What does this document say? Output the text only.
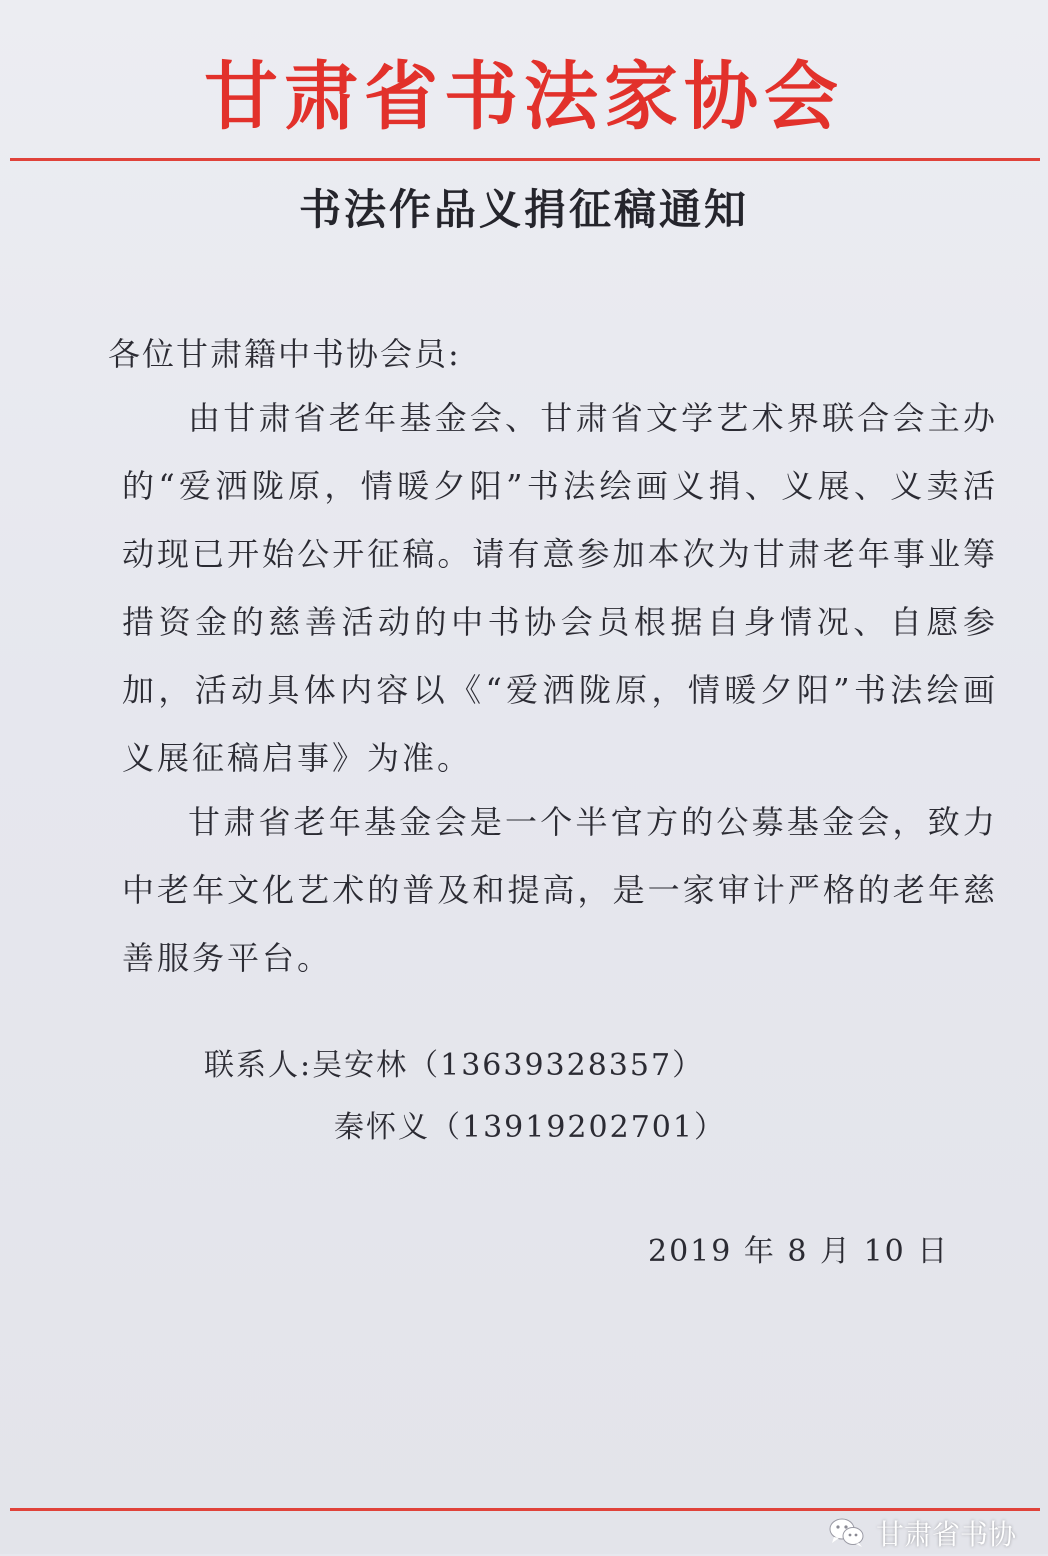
甘肃省书法家协会
书法作品义捐征稿通知
各位甘肃籍中书协会员:

由甘肃省老年基金会、甘肃省文学艺术界联合会主办的“爱洒陇原，情暖夕阳”书法绘画义捐、义展、义卖活动现已开始公开征稿。请有意参加本次为甘肃老年事业筹措资金的慈善活动的中书协会员根据自身情况、自愿参加，活动具体内容以《“爱洒陇原，情暖夕阳”书法绘画义展征稿启事》为准。

甘肃省老年基金会是一个半官方的公募基金会，致力中老年文化艺术的普及和提高，是一家审计严格的老年慈善服务平台。

联系人:吴安林（13639328357）
秦怀义（13919202701）
2019 年 8 月 10 日
甘肃省书协
